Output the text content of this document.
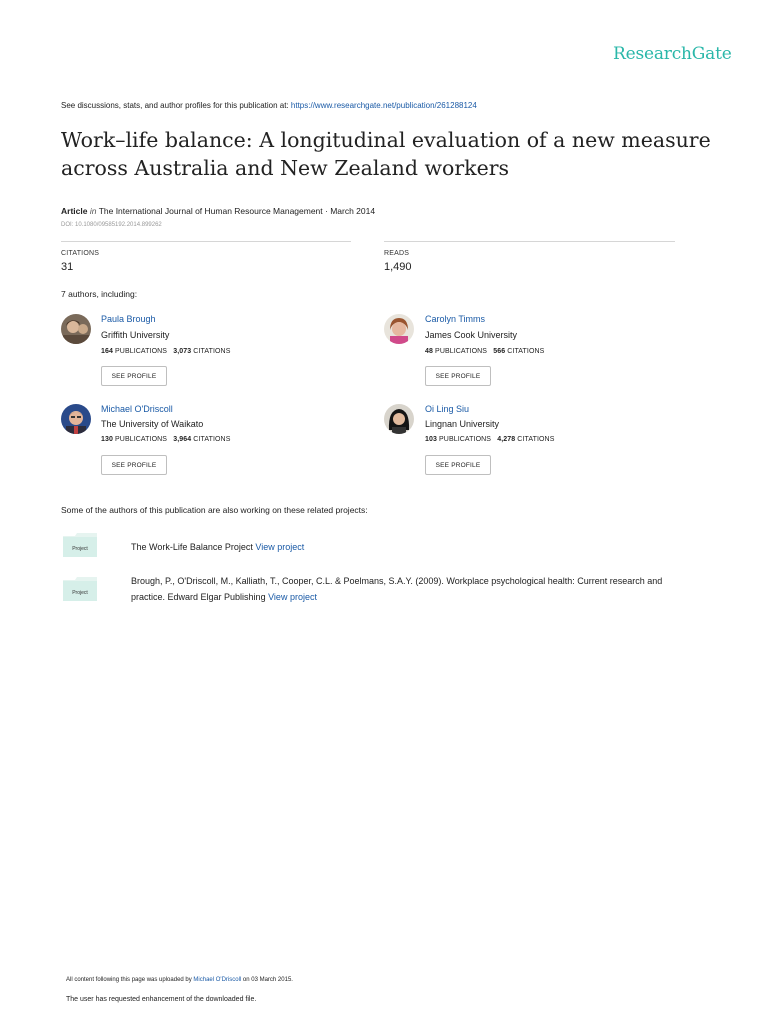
ResearchGate
See discussions, stats, and author profiles for this publication at: https://www.researchgate.net/publication/261288124
Work–life balance: A longitudinal evaluation of a new measure across Australia and New Zealand workers
Article in The International Journal of Human Resource Management · March 2014
DOI: 10.1080/09585192.2014.899262
CITATIONS
31
READS
1,490
7 authors, including:
Paula Brough
Griffith University
164 PUBLICATIONS 3,073 CITATIONS
SEE PROFILE
Carolyn Timms
James Cook University
48 PUBLICATIONS 566 CITATIONS
SEE PROFILE
Michael O'Driscoll
The University of Waikato
130 PUBLICATIONS 3,964 CITATIONS
SEE PROFILE
Oi Ling Siu
Lingnan University
103 PUBLICATIONS 4,278 CITATIONS
SEE PROFILE
Some of the authors of this publication are also working on these related projects:
Project	The Work-Life Balance Project View project
Project
Brough, P., O'Driscoll, M., Kalliath, T., Cooper, C.L. & Poelmans, S.A.Y. (2009). Workplace psychological health: Current research and
practice. Edward Elgar Publishing View project
All content following this page was uploaded by Michael O'Driscoll on 03 March 2015.
The user has requested enhancement of the downloaded file.
